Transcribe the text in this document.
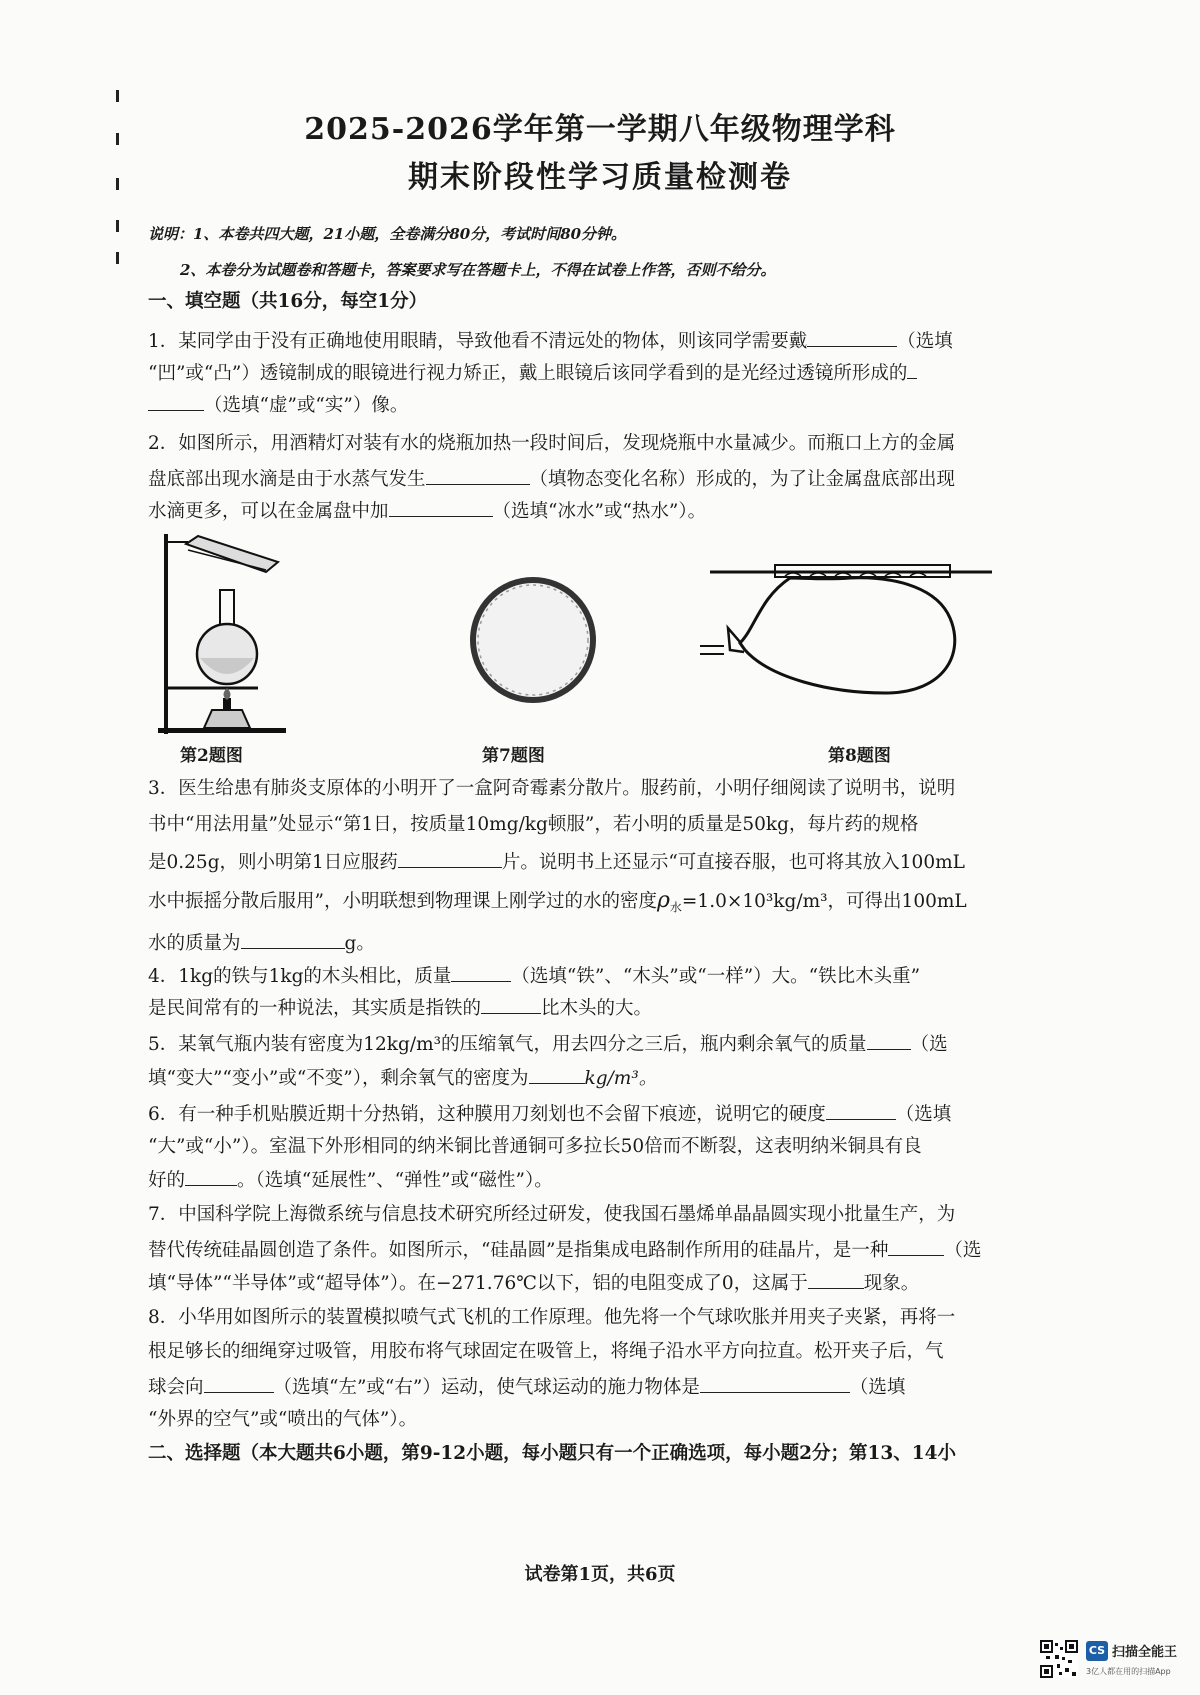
2025-2026学年第一学期八年级物理学科
期末阶段性学习质量检测卷
说明：1、本卷共四大题，21小题，全卷满分80分，考试时间80分钟。
2、本卷分为试题卷和答题卡，答案要求写在答题卡上，不得在试卷上作答，否则不给分。
一、填空题（共16分，每空1分）
1．某同学由于没有正确地使用眼睛，导致他看不清远处的物体，则该同学需要戴	（选填
“凹”或“凸”）透镜制成的眼镜进行视力矫正，戴上眼镜后该同学看到的是光经过透镜所形成的
（选填“虚”或“实”）像。
2．如图所示，用酒精灯对装有水的烧瓶加热一段时间后，发现烧瓶中水量减少。而瓶口上方的金属
盘底部出现水滴是由于水蒸气发生	（填物态变化名称）形成的，为了让金属盘底部出现
水滴更多，可以在金属盘中加	（选填“冰水”或“热水”）。
第2题图	第7题图	第8题图
3．医生给患有肺炎支原体的小明开了一盒阿奇霉素分散片。服药前，小明仔细阅读了说明书，说明
书中“用法用量”处显示“第1日，按质量10mg/kg顿服”，若小明的质量是50kg，每片药的规格
是0.25g，则小明第1日应服药	片。说明书上还显示“可直接吞服，也可将其放入100mL
水中振摇分散后服用”，小明联想到物理课上刚学过的水的密度$\rho_水=1.0\times 10^3kg/m^3$，可得出100mL
水的质量为	g。
4．1kg的铁与1kg的木头相比，质量	（选填“铁”、“木头”或“一样”）大。“铁比木头重”
是民间常有的一种说法，其实质是指铁的	比木头的大。
5．某氧气瓶内装有密度为12kg/m³的压缩氧气，用去四分之三后，瓶内剩余氧气的质量 （选
填“变大”“变小”或“不变”），剩余氧气的密度为	kg/m³。
6．有一种手机贴膜近期十分热销，这种膜用刀刻划也不会留下痕迹，说明它的硬度	（选填
“大”或“小”）。室温下外形相同的纳米铜比普通铜可多拉长50倍而不断裂，这表明纳米铜具有良
好的	。（选填“延展性”、“弹性”或“磁性”）。
7．中国科学院上海微系统与信息技术研究所经过研发，使我国石墨烯单晶晶圆实现小批量生产，为
替代传统硅晶圆创造了条件。如图所示，“硅晶圆”是指集成电路制作所用的硅晶片，是一种	（选
填“导体”“半导体”或“超导体”）。在−271.76℃以下，铝的电阻变成了0，这属于	现象。
8．小华用如图所示的装置模拟喷气式飞机的工作原理。他先将一个气球吹胀并用夹子夹紧，再将一
根足够长的细绳穿过吸管，用胶布将气球固定在吸管上，将绳子沿水平方向拉直。松开夹子后，气
球会向	（选填“左”或“右”）运动，使气球运动的施力物体是	（选填
“外界的空气”或“喷出的气体”）。
二、选择题（本大题共6小题，第9-12小题，每小题只有一个正确选项，每小题2分；第13、14小
试卷第1页，共6页
CS 扫描全能王
3亿人都在用的扫描App
